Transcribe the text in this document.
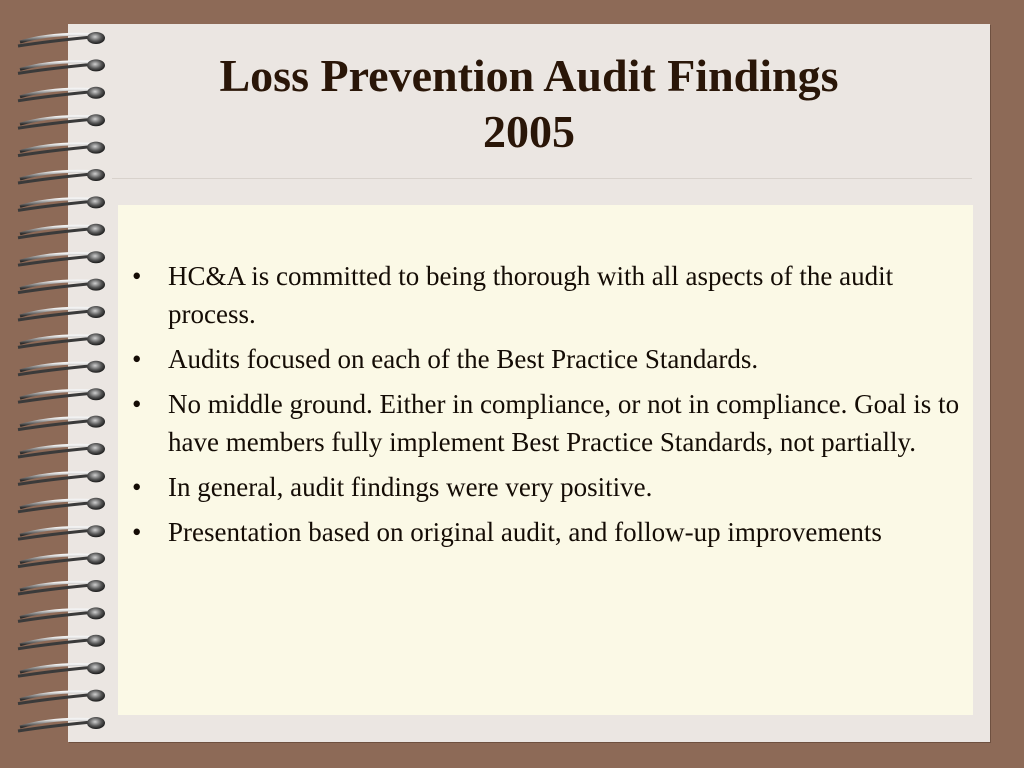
Loss Prevention Audit Findings
2005
• HC&A is committed to being thorough with all aspects of the audit process.
• Audits focused on each of the Best Practice Standards.
• No middle ground. Either in compliance, or not in compliance. Goal is to have members fully implement Best Practice Standards, not partially.
• In general, audit findings were very positive.
• Presentation based on original audit, and follow-up improvements
